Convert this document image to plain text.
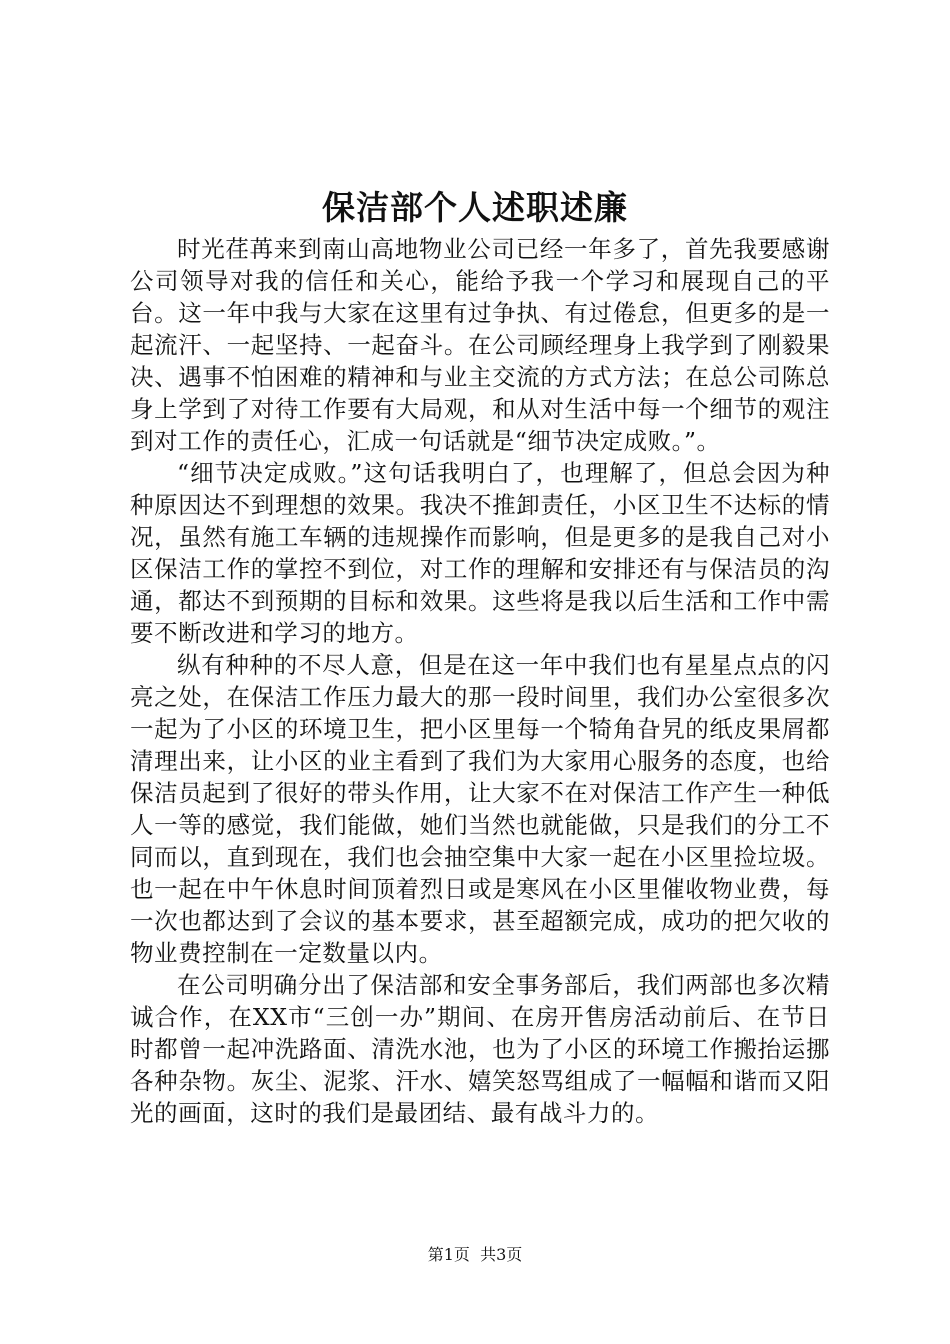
保洁部个人述职述廉

时光荏苒来到南山高地物业公司已经一年多了，首先我要感谢公司领导对我的信任和关心，能给予我一个学习和展现自己的平台。这一年中我与大家在这里有过争执、有过倦怠，但更多的是一起流汗、一起坚持、一起奋斗。在公司顾经理身上我学到了刚毅果决、遇事不怕困难的精神和与业主交流的方式方法；在总公司陈总身上学到了对待工作要有大局观，和从对生活中每一个细节的观注到对工作的责任心，汇成一句话就是“细节决定成败。”。

“细节决定成败。”这句话我明白了，也理解了，但总会因为种种原因达不到理想的效果。我决不推卸责任，小区卫生不达标的情况，虽然有施工车辆的违规操作而影响，但是更多的是我自己对小区保洁工作的掌控不到位，对工作的理解和安排还有与保洁员的沟通，都达不到预期的目标和效果。这些将是我以后生活和工作中需要不断改进和学习的地方。

纵有种种的不尽人意，但是在这一年中我们也有星星点点的闪亮之处，在保洁工作压力最大的那一段时间里，我们办公室很多次一起为了小区的环境卫生，把小区里每一个犄角旮旯的纸皮果屑都清理出来，让小区的业主看到了我们为大家用心服务的态度，也给保洁员起到了很好的带头作用，让大家不在对保洁工作产生一种低人一等的感觉，我们能做，她们当然也就能做，只是我们的分工不同而以，直到现在，我们也会抽空集中大家一起在小区里捡垃圾。也一起在中午休息时间顶着烈日或是寒风在小区里催收物业费，每一次也都达到了会议的基本要求，甚至超额完成，成功的把欠收的物业费控制在一定数量以内。

在公司明确分出了保洁部和安全事务部后，我们两部也多次精诚合作，在XX市“三创一办”期间、在房开售房活动前后、在节日时都曾一起冲洗路面、清洗水池，也为了小区的环境工作搬抬运挪各种杂物。灰尘、泥浆、汗水、嬉笑怒骂组成了一幅幅和谐而又阳光的画面，这时的我们是最团结、最有战斗力的。

第1页 共3页
